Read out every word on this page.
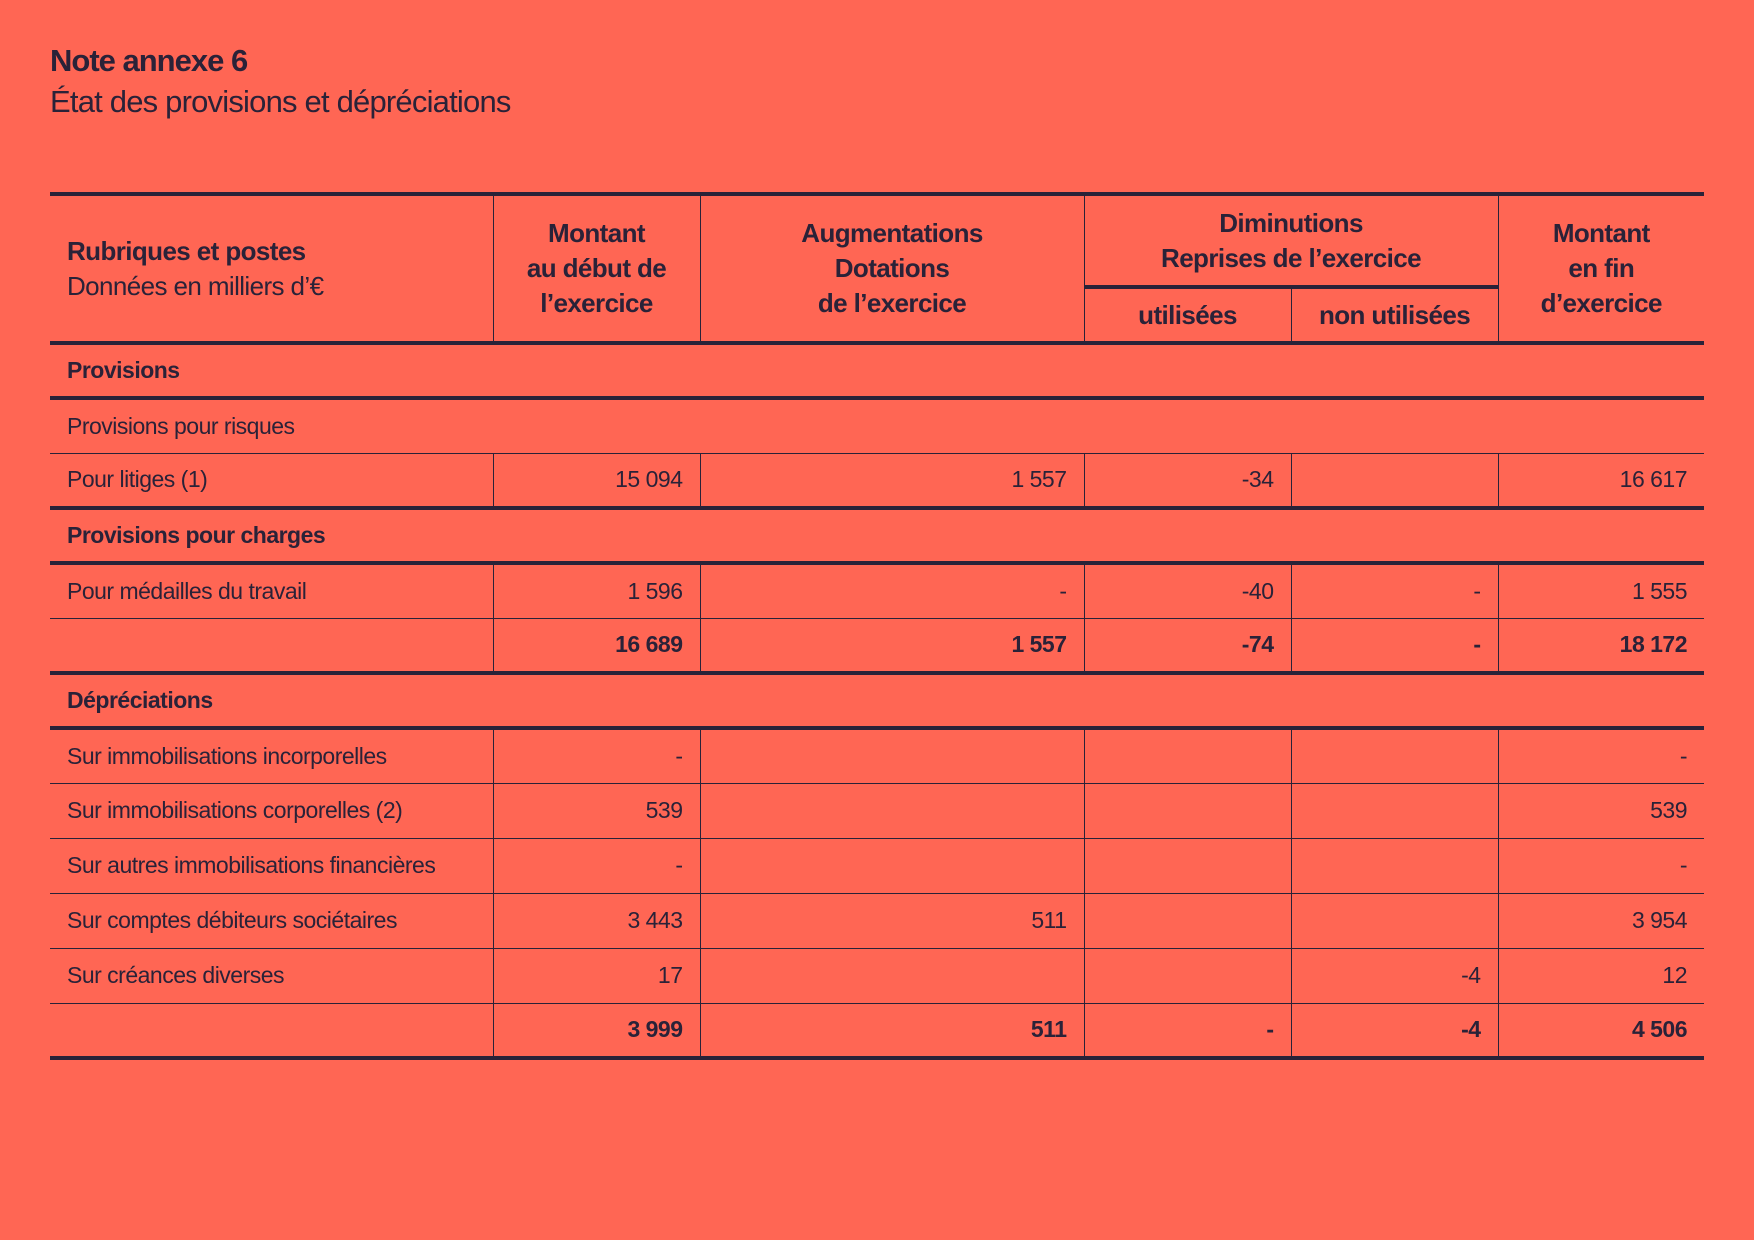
Note annexe 6
État des provisions et dépréciations
Rubriques et postes
Données en milliers d’€	Montant
au début de
l’exercice	Augmentations
Dotations
de l’exercice	Diminutions
Reprises de l’exercice		Montant
en fin
d’exercice
			utilisées	non utilisées	
Provisions					
Provisions pour risques					
Pour litiges (1)	15 094	1 557	-34		16 617
Provisions pour charges					
Pour médailles du travail	1 596	-	-40	-	1 555
	16 689	1 557	-74	-	18 172
Dépréciations					
Sur immobilisations incorporelles	-				-
Sur immobilisations corporelles (2)	539				539
Sur autres immobilisations financières	-				-
Sur comptes débiteurs sociétaires	3 443	511			3 954
Sur créances diverses	17			-4	12
	3 999	511	-	-4	4 506
